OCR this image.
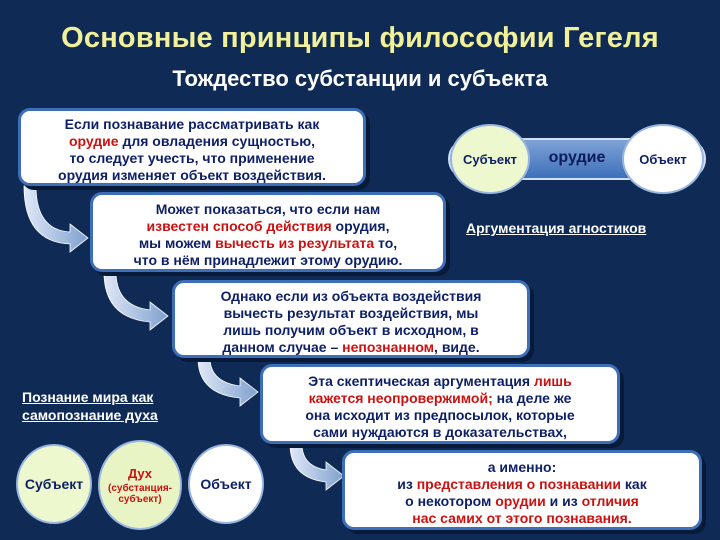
Основные принципы философии Гегеля
Тождество субстанции и субъекта
Если познавание рассматривать как
орудие для овладения сущностью,
то следует учесть, что применение
орудия изменяет объект воздействия.
Может показаться, что если нам
известен способ действия орудия,
мы можем вычесть из результата то,
что в нём принадлежит этому орудию.
Однако если из объекта воздействия
вычесть результат воздействия, мы
лишь получим объект в исходном, в
данном случае – непознанном, виде.
Эта скептическая аргументация лишь
кажется неопровержимой; на деле же
она исходит из предпосылок, которые
сами нуждаются в доказательствах,
а именно:
из представления о познавании как
о некотором орудии и из отличия
нас самих от этого познавания.
орудие
Субъект	Объект
Аргументация агностиков
Познание мира как
самопознание духа
Субъект
Дух
(субстанция-
субъект)
Объект
